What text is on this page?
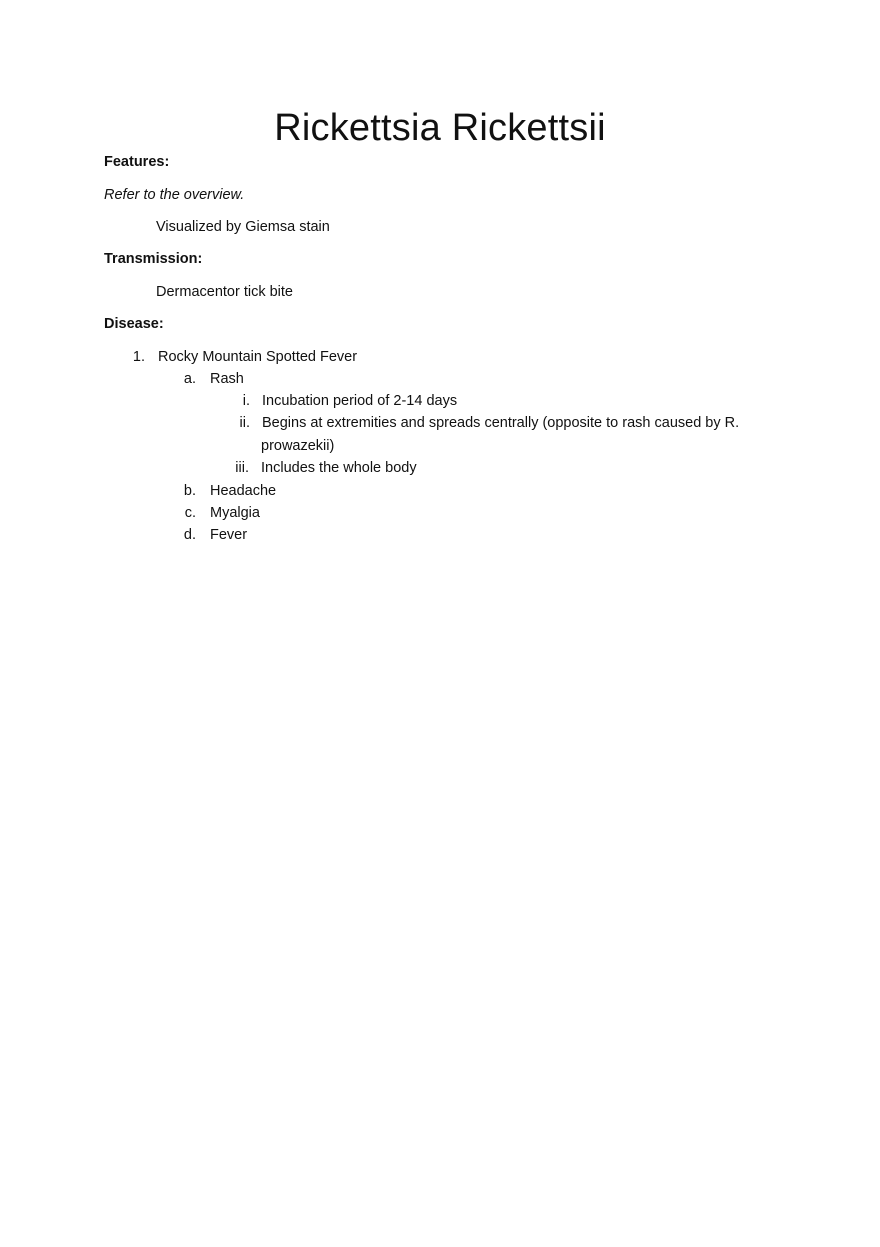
Rickettsia Rickettsii
Features:
Refer to the overview.
Visualized by Giemsa stain
Transmission:
Dermacentor tick bite
Disease:
1. Rocky Mountain Spotted Fever
a. Rash
i. Incubation period of 2-14 days
ii. Begins at extremities and spreads centrally (opposite to rash caused by R.
prowazekii)
iii. Includes the whole body
b. Headache
c. Myalgia
d. Fever
